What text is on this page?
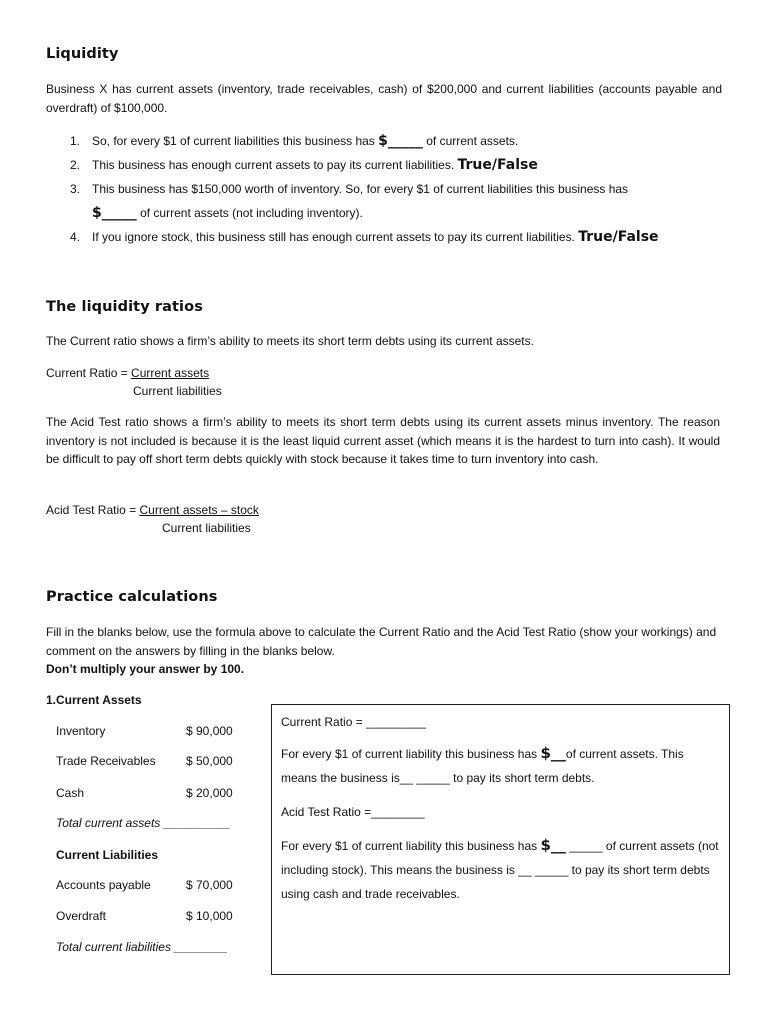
Liquidity

Business X has current assets (inventory, trade receivables, cash) of $200,000 and current liabilities (accounts payable and overdraft) of $100,000.

1. So, for every $1 of current liabilities this business has $_____ of current assets.
2. This business has enough current assets to pay its current liabilities. True/False
3. This business has $150,000 worth of inventory. So, for every $1 of current liabilities this business has
$_____ of current assets (not including inventory).
4. If you ignore stock, this business still has enough current assets to pay its current liabilities. True/False
The liquidity ratios

The Current ratio shows a firm’s ability to meets its short term debts using its current assets.

Current Ratio = Current assets
Current liabilities

The Acid Test ratio shows a firm’s ability to meets its short term debts using its current assets minus inventory. The reason inventory is not included is because it is the least liquid current asset (which means it is the hardest to turn into cash). It would be difficult to pay off short term debts quickly with stock because it takes time to turn inventory into cash.

Acid Test Ratio = Current assets – stock
Current liabilities
Practice calculations

Fill in the blanks below, use the formula above to calculate the Current Ratio and the Acid Test Ratio (show your workings) and comment on the answers by filling in the blanks below.

Don’t multiply your answer by 100.

1.Current Assets

Inventory	$ 90,000
Trade Receivables	$ 50,000
Cash	$ 20,000

Total current assets __________

Current Liabilities

Accounts payable	$ 70,000
Overdraft	$ 10,000

Total current liabilities ________

Current Ratio = _________

For every $1 of current liability this business has $__of current assets. This means the business is__ _____ to pay its short term debts.

Acid Test Ratio =________

For every $1 of current liability this business has $__ _____ of current assets (not including stock). This means the business is __ _____ to pay its short term debts using cash and trade receivables.
